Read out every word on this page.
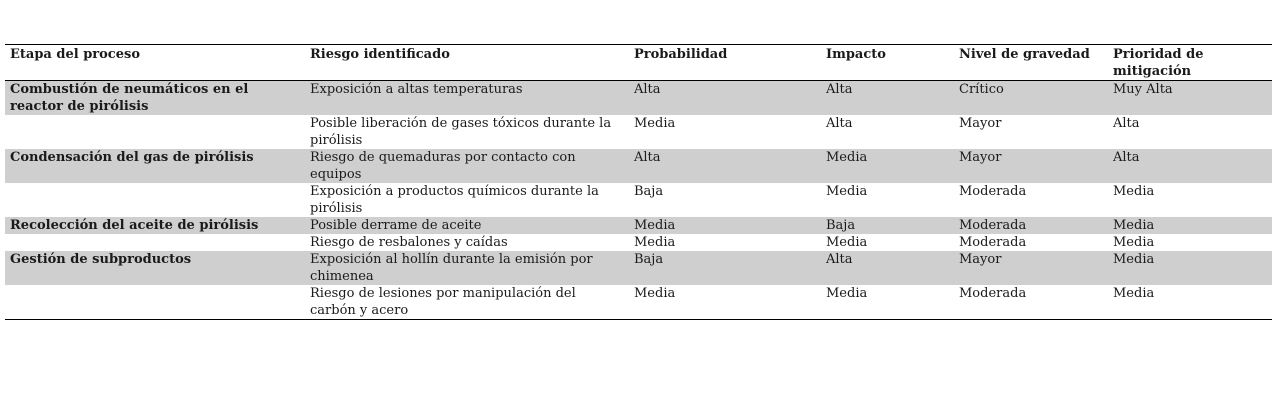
Etapa del proceso	Riesgo identificado	Probabilidad	Impacto	Nivel de gravedad	Prioridad de mitigación
Combustión de neumáticos en el reactor de pirólisis	Exposición a altas temperaturas	Alta	Alta	Crítico	Muy Alta
	Posible liberación de gases tóxicos durante la pirólisis	Media	Alta	Mayor	Alta
Condensación del gas de pirólisis	Riesgo de quemaduras por contacto con equipos	Alta	Media	Mayor	Alta
	Exposición a productos químicos durante la pirólisis	Baja	Media	Moderada	Media
Recolección del aceite de pirólisis	Posible derrame de aceite	Media	Baja	Moderada	Media
	Riesgo de resbalones y caídas	Media	Media	Moderada	Media
Gestión de subproductos	Exposición al hollín durante la emisión por chimenea	Baja	Alta	Mayor	Media
	Riesgo de lesiones por manipulación del carbón y acero	Media	Media	Moderada	Media
